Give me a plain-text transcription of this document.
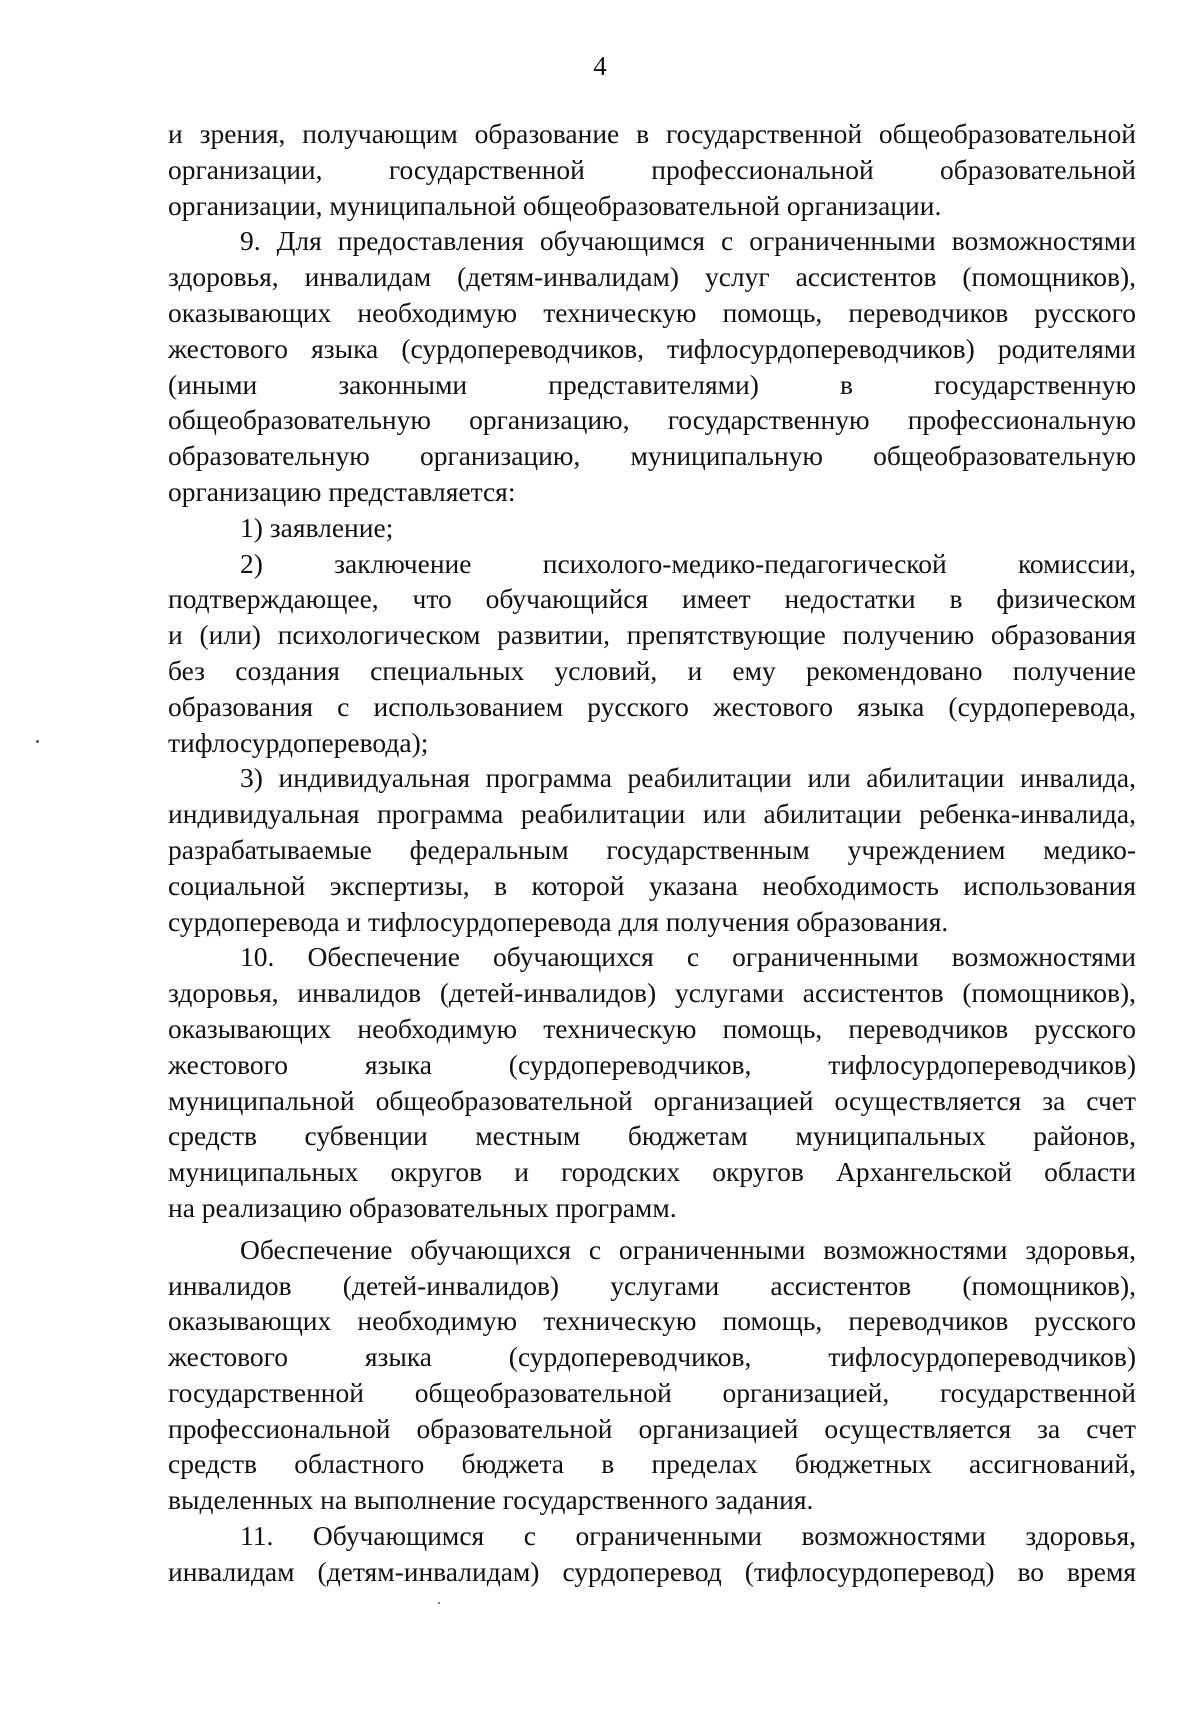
4

и зрения, получающим образование в государственной общеобразовательной
организации, государственной профессиональной образовательной
организации, муниципальной общеобразовательной организации.

9. Для предоставления обучающимся с ограниченными возможностями
здоровья, инвалидам (детям-инвалидам) услуг ассистентов (помощников),
оказывающих необходимую техническую помощь, переводчиков русского
жестового языка (сурдопереводчиков, тифлосурдопереводчиков) родителями
(иными законными представителями) в государственную
общеобразовательную организацию, государственную профессиональную
образовательную организацию, муниципальную общеобразовательную
организацию представляется:

1) заявление;

2) заключение психолого-медико-педагогической комиссии,
подтверждающее, что обучающийся имеет недостатки в физическом
и (или) психологическом развитии, препятствующие получению образования
без создания специальных условий, и ему рекомендовано получение
образования с использованием русского жестового языка (сурдоперевода,
тифлосурдоперевода);

3) индивидуальная программа реабилитации или абилитации инвалида,
индивидуальная программа реабилитации или абилитации ребенка-инвалида,
разрабатываемые федеральным государственным учреждением медико-
социальной экспертизы, в которой указана необходимость использования
сурдоперевода и тифлосурдоперевода для получения образования.

10. Обеспечение обучающихся с ограниченными возможностями
здоровья, инвалидов (детей-инвалидов) услугами ассистентов (помощников),
оказывающих необходимую техническую помощь, переводчиков русского
жестового языка (сурдопереводчиков, тифлосурдопереводчиков)
муниципальной общеобразовательной организацией осуществляется за счет
средств субвенции местным бюджетам муниципальных районов,
муниципальных округов и городских округов Архангельской области
на реализацию образовательных программ.

Обеспечение обучающихся с ограниченными возможностями здоровья,
инвалидов (детей-инвалидов) услугами ассистентов (помощников),
оказывающих необходимую техническую помощь, переводчиков русского
жестового языка (сурдопереводчиков, тифлосурдопереводчиков)
государственной общеобразовательной организацией, государственной
профессиональной образовательной организацией осуществляется за счет
средств областного бюджета в пределах бюджетных ассигнований,
выделенных на выполнение государственного задания.

11. Обучающимся с ограниченными возможностями здоровья,
инвалидам (детям-инвалидам) сурдоперевод (тифлосурдоперевод) во время
